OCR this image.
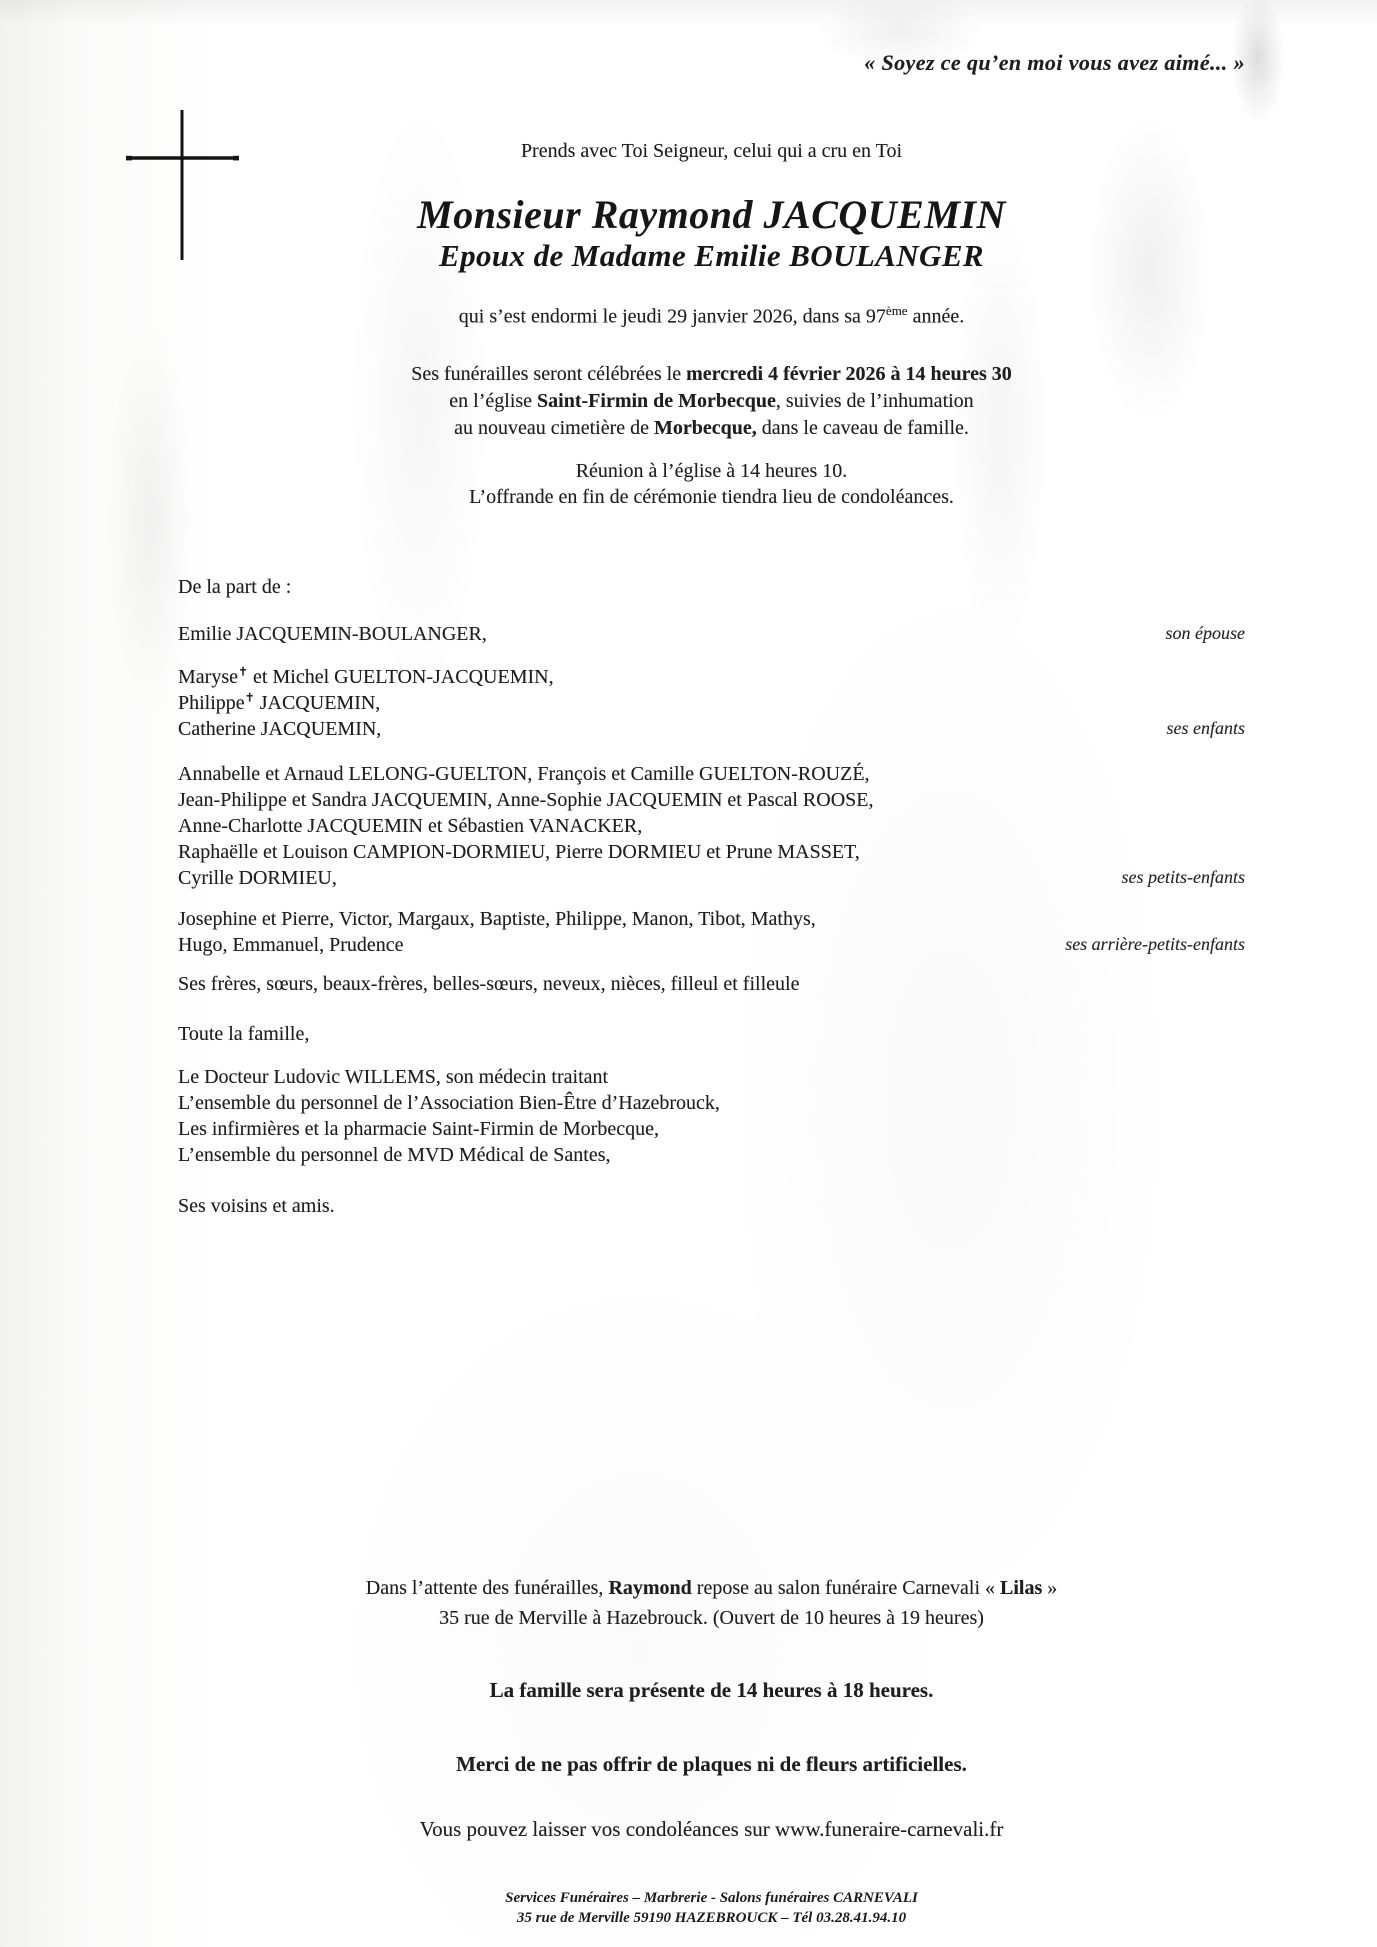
« Soyez ce qu’en moi vous avez aimé... »

Prends avec Toi Seigneur, celui qui a cru en Toi

Monsieur Raymond JACQUEMIN
Epoux de Madame Emilie BOULANGER

qui s’est endormi le jeudi 29 janvier 2026, dans sa 97ème année.

Ses funérailles seront célébrées le mercredi 4 février 2026 à 14 heures 30

en l’église Saint-Firmin de Morbecque, suivies de l’inhumation

au nouveau cimetière de Morbecque, dans le caveau de famille.

Réunion à l’église à 14 heures 10.

L’offrande en fin de cérémonie tiendra lieu de condoléances.

De la part de :

Emilie JACQUEMIN-BOULANGER,	son épouse

Maryse✝ et Michel GUELTON-JACQUEMIN,

Philippe✝ JACQUEMIN,

Catherine JACQUEMIN,	ses enfants

Annabelle et Arnaud LELONG-GUELTON, François et Camille GUELTON-ROUZÉ,

Jean-Philippe et Sandra JACQUEMIN, Anne-Sophie JACQUEMIN et Pascal ROOSE,

Anne-Charlotte JACQUEMIN et Sébastien VANACKER,

Raphaëlle et Louison CAMPION-DORMIEU, Pierre DORMIEU et Prune MASSET,

Cyrille DORMIEU,	ses petits-enfants

Josephine et Pierre, Victor, Margaux, Baptiste, Philippe, Manon, Tibot, Mathys,

Hugo, Emmanuel, Prudence	ses arrière-petits-enfants

Ses frères, sœurs, beaux-frères, belles-sœurs, neveux, nièces, filleul et filleule

Toute la famille,

Le Docteur Ludovic WILLEMS, son médecin traitant

L’ensemble du personnel de l’Association Bien-Être d’Hazebrouck,

Les infirmières et la pharmacie Saint-Firmin de Morbecque,

L’ensemble du personnel de MVD Médical de Santes,

Ses voisins et amis.

Dans l’attente des funérailles, Raymond repose au salon funéraire Carnevali « Lilas »

35 rue de Merville à Hazebrouck. (Ouvert de 10 heures à 19 heures)

La famille sera présente de 14 heures à 18 heures.

Merci de ne pas offrir de plaques ni de fleurs artificielles.

Vous pouvez laisser vos condoléances sur www.funeraire-carnevali.fr

Services Funéraires – Marbrerie - Salons funéraires CARNEVALI

35 rue de Merville 59190 HAZEBROUCK – Tél 03.28.41.94.10
